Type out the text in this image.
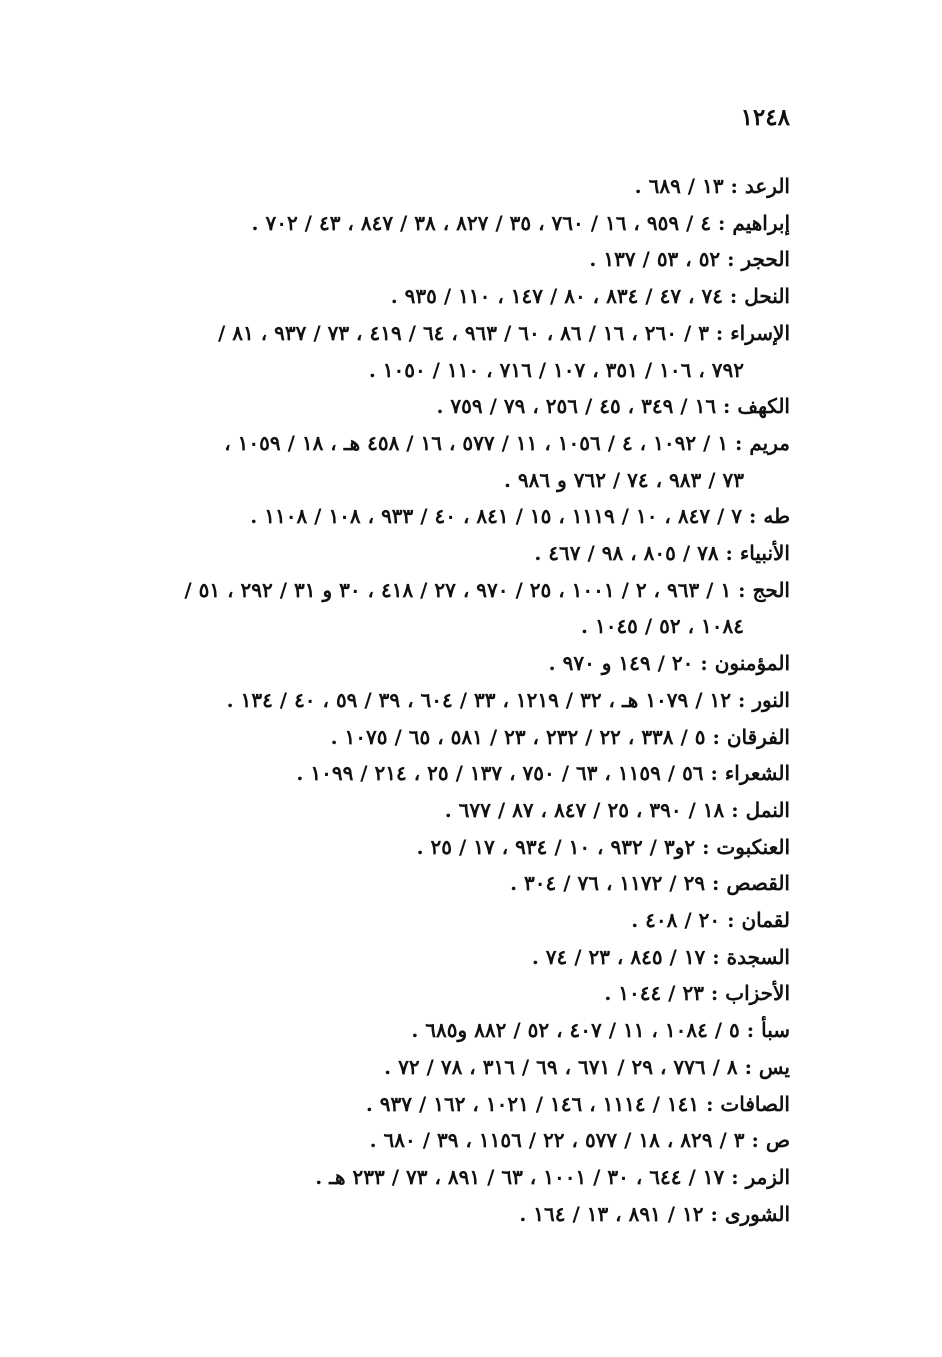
١٢٤٨
الرعد : ١٣ / ٦٨٩ .
إبراهيم : ٤ / ٩٥٩ ، ١٦ / ٧٦٠ ، ٣٥ / ٨٢٧ ، ٣٨ / ٨٤٧ ، ٤٣ / ٧٠٢ .
الحجر : ٥٢ ، ٥٣ / ١٣٧ .
النحل : ٧٤ ، ٤٧ / ٨٣٤ ، ٨٠ / ١٤٧ ، ١١٠ / ٩٣٥ .
الإسراء : ٣ / ٢٦٠ ، ١٦ / ٨٦ ، ٦٠ / ٩٦٣ ، ٦٤ / ٤١٩ ، ٧٣ / ٩٣٧ ، ٨١ /
٧٩٢ ، ١٠٦ / ٣٥١ ، ١٠٧ / ٧١٦ ، ١١٠ / ١٠٥٠ .
الكهف : ١٦ / ٣٤٩ ، ٤٥ / ٢٥٦ ، ٧٩ / ٧٥٩ .
مريم : ١ / ١٠٩٢ ، ٤ / ١٠٥٦ ، ١١ / ٥٧٧ ، ١٦ / ٤٥٨ هـ ، ١٨ / ١٠٥٩ ،
٧٣ / ٩٨٣ ، ٧٤ / ٧٦٢ و ٩٨٦ .
طه : ٧ / ٨٤٧ ، ١٠ / ١١١٩ ، ١٥ / ٨٤١ ، ٤٠ / ٩٣٣ ، ١٠٨ / ١١٠٨ .
الأنبياء : ٧٨ / ٨٠٥ ، ٩٨ / ٤٦٧ .
الحج : ١ / ٩٦٣ ، ٢ / ١٠٠١ ، ٢٥ / ٩٧٠ ، ٢٧ / ٤١٨ ، ٣٠ و ٣١ / ٢٩٢ ، ٥١ /
١٠٨٤ ، ٥٢ / ١٠٤٥ .
المؤمنون : ٢٠ / ١٤٩ و ٩٧٠ .
النور : ١٢ / ١٠٧٩ هـ ، ٣٢ / ١٢١٩ ، ٣٣ / ٦٠٤ ، ٣٩ / ٥٩ ، ٤٠ / ١٣٤ .
الفرقان : ٥ / ٣٣٨ ، ٢٢ / ٢٣٢ ، ٢٣ / ٥٨١ ، ٦٥ / ١٠٧٥ .
الشعراء : ٥٦ / ١١٥٩ ، ٦٣ / ٧٥٠ ، ١٣٧ / ٢٥ ، ٢١٤ / ١٠٩٩ .
النمل : ١٨ / ٣٩٠ ، ٢٥ / ٨٤٧ ، ٨٧ / ٦٧٧ .
العنكبوت : ٢و٣ / ٩٣٢ ، ١٠ / ٩٣٤ ، ١٧ / ٢٥ .
القصص : ٢٩ / ١١٧٢ ، ٧٦ / ٣٠٤ .
لقمان : ٢٠ / ٤٠٨ .
السجدة : ١٧ / ٨٤٥ ، ٢٣ / ٧٤ .
الأحزاب : ٢٣ / ١٠٤٤ .
سبأ : ٥ / ١٠٨٤ ، ١١ / ٤٠٧ ، ٥٢ / ٨٨٢ و٦٨٥ .
يس : ٨ / ٧٧٦ ، ٢٩ / ٦٧١ ، ٦٩ / ٣١٦ ، ٧٨ / ٧٢ .
الصافات : ١٤١ / ١١١٤ ، ١٤٦ / ١٠٢١ ، ١٦٢ / ٩٣٧ .
ص : ٣ / ٨٢٩ ، ١٨ / ٥٧٧ ، ٢٢ / ١١٥٦ ، ٣٩ / ٦٨٠ .
الزمر : ١٧ / ٦٤٤ ، ٣٠ / ١٠٠١ ، ٦٣ / ٨٩١ ، ٧٣ / ٢٣٣ هـ .
الشورى : ١٢ / ٨٩١ ، ١٣ / ١٦٤ .
